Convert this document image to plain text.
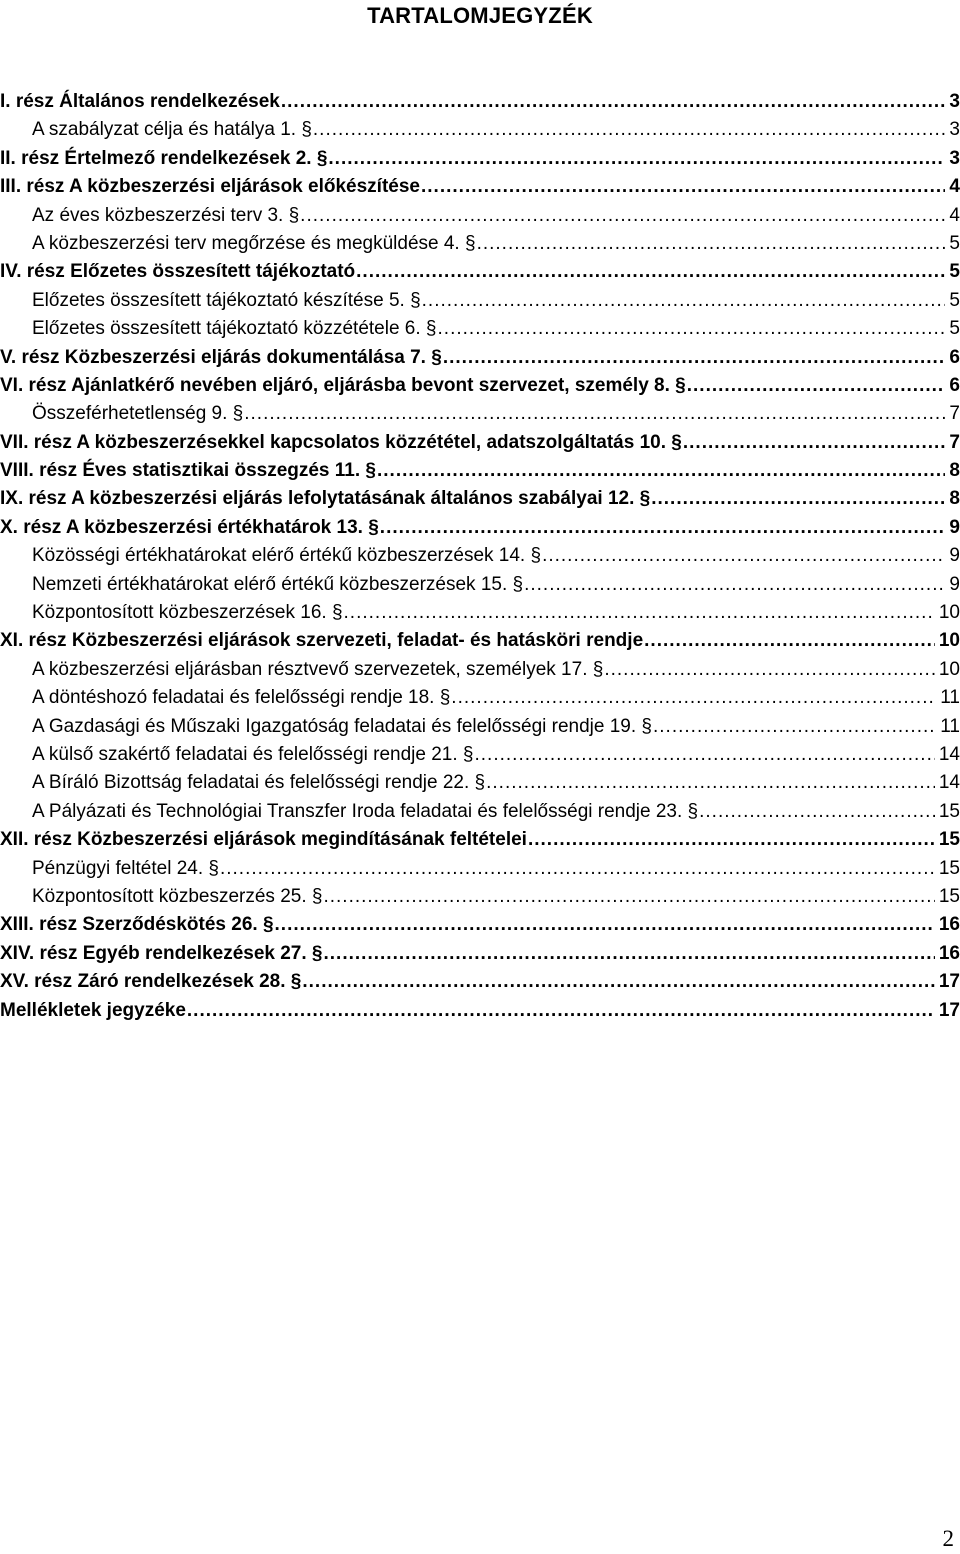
TARTALOMJEGYZÉK
I. rész Általános rendelkezések .....	3
A szabályzat célja és hatálya 1. § .....	3
II. rész Értelmező rendelkezések 2. § .....	3
III. rész A közbeszerzési eljárások előkészítése .....	4
Az éves közbeszerzési terv 3. § .....	4
A közbeszerzési terv megőrzése és megküldése 4. § .....	5
IV. rész Előzetes összesített tájékoztató .....	5
Előzetes összesített tájékoztató készítése 5. § .....	5
Előzetes összesített tájékoztató közzététele 6. § .....	5
V. rész Közbeszerzési eljárás dokumentálása 7. § .....	6
VI. rész Ajánlatkérő nevében eljáró, eljárásba bevont szervezet, személy 8. § .....	6
Összeférhetetlenség 9. § .....	7
VII. rész A közbeszerzésekkel kapcsolatos közzététel, adatszolgáltatás 10. § .....	7
VIII. rész Éves statisztikai összegzés 11. § .....	8
IX. rész A közbeszerzési eljárás lefolytatásának általános szabályai 12. § .....	8
X. rész A közbeszerzési értékhatárok 13. § .....	9
Közösségi értékhatárokat elérő értékű közbeszerzések 14. § .....	9
Nemzeti értékhatárokat elérő értékű közbeszerzések 15. § .....	9
Központosított közbeszerzések 16. § .....	10
XI. rész Közbeszerzési eljárások szervezeti, feladat- és hatásköri rendje .....	10
A közbeszerzési eljárásban résztvevő szervezetek, személyek 17. § .....	10
A döntéshozó feladatai és felelősségi rendje 18. § .....	11
A Gazdasági és Műszaki Igazgatóság feladatai és felelősségi rendje 19. § .....	11
A külső szakértő feladatai és felelősségi rendje 21. § .....	14
A Bíráló Bizottság feladatai és felelősségi rendje 22. § .....	14
A Pályázati és Technológiai Transzfer Iroda feladatai és felelősségi rendje 23. § .....	15
XII. rész Közbeszerzési eljárások megindításának feltételei .....	15
Pénzügyi feltétel 24. § .....	15
Központosított közbeszerzés 25. § .....	15
XIII. rész Szerződéskötés 26. § .....	16
XIV. rész Egyéb rendelkezések 27. § .....	16
XV. rész Záró rendelkezések 28. § .....	17
Mellékletek jegyzéke .....	17
2
